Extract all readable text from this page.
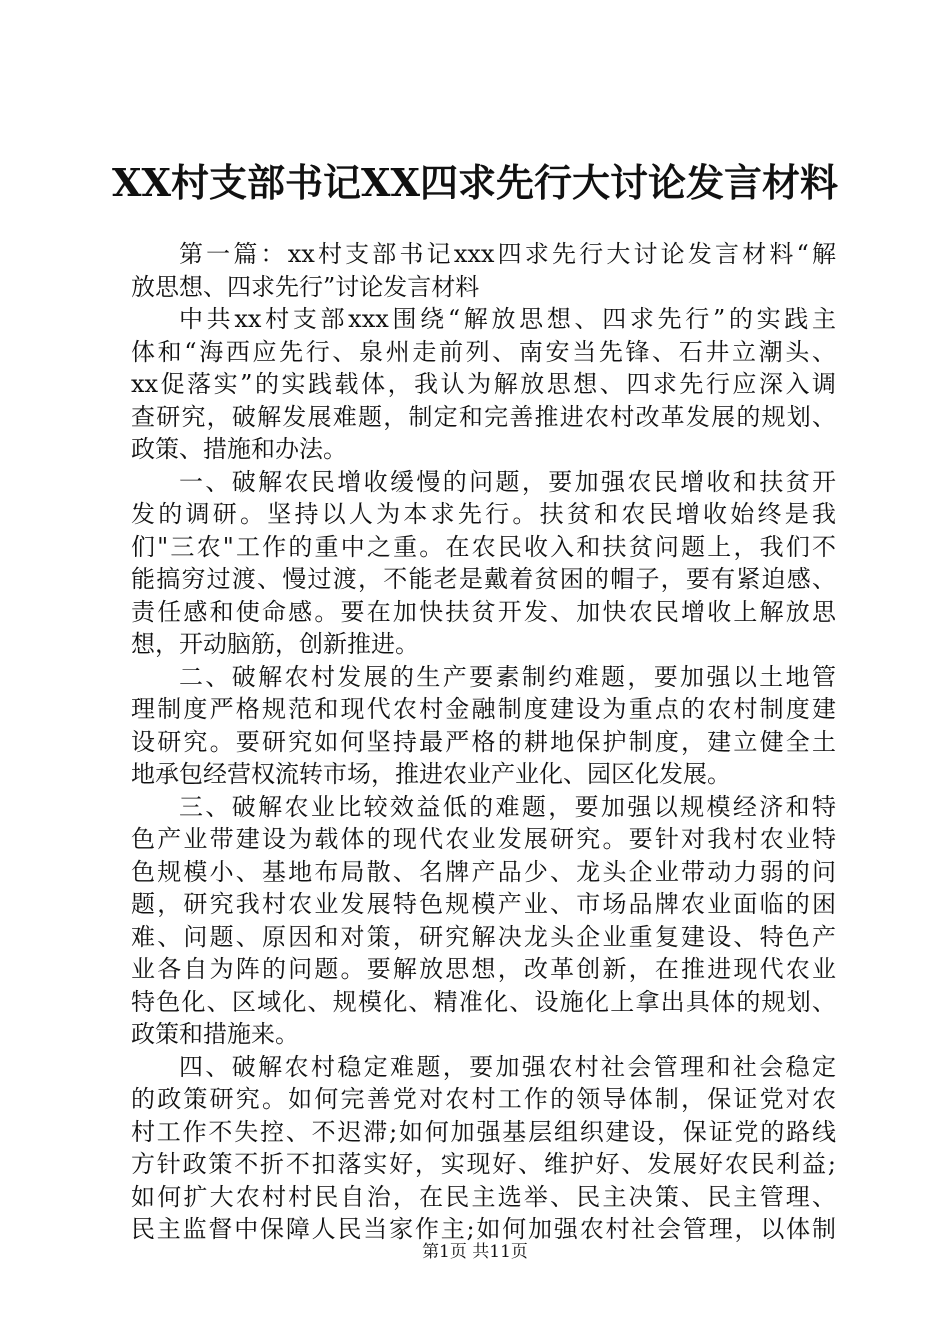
XX村支部书记XX四求先行大讨论发言材料
第一篇：xx村支部书记xxx四求先行大讨论发言材料“解
放思想、四求先行”讨论发言材料
中共xx村支部xxx围绕“解放思想、四求先行”的实践主
体和“海西应先行、泉州走前列、南安当先锋、石井立潮头、
xx促落实”的实践载体，我认为解放思想、四求先行应深入调
查研究，破解发展难题，制定和完善推进农村改革发展的规划、
政策、措施和办法。
一、破解农民增收缓慢的问题，要加强农民增收和扶贫开
发的调研。坚持以人为本求先行。扶贫和农民增收始终是我
们"三农"工作的重中之重。在农民收入和扶贫问题上，我们不
能搞穷过渡、慢过渡，不能老是戴着贫困的帽子，要有紧迫感、
责任感和使命感。要在加快扶贫开发、加快农民增收上解放思
想，开动脑筋，创新推进。
二、破解农村发展的生产要素制约难题，要加强以土地管
理制度严格规范和现代农村金融制度建设为重点的农村制度建
设研究。要研究如何坚持最严格的耕地保护制度，建立健全土
地承包经营权流转市场，推进农业产业化、园区化发展。
三、破解农业比较效益低的难题，要加强以规模经济和特
色产业带建设为载体的现代农业发展研究。要针对我村农业特
色规模小、基地布局散、名牌产品少、龙头企业带动力弱的问
题，研究我村农业发展特色规模产业、市场品牌农业面临的困
难、问题、原因和对策，研究解决龙头企业重复建设、特色产
业各自为阵的问题。要解放思想，改革创新，在推进现代农业
特色化、区域化、规模化、精准化、设施化上拿出具体的规划、
政策和措施来。
四、破解农村稳定难题，要加强农村社会管理和社会稳定
的政策研究。如何完善党对农村工作的领导体制，保证党对农
村工作不失控、不迟滞;如何加强基层组织建设，保证党的路线
方针政策不折不扣落实好，实现好、维护好、发展好农民利益;
如何扩大农村村民自治，在民主选举、民主决策、民主管理、
民主监督中保障人民当家作主;如何加强农村社会管理，以体制
第1页 共11页
